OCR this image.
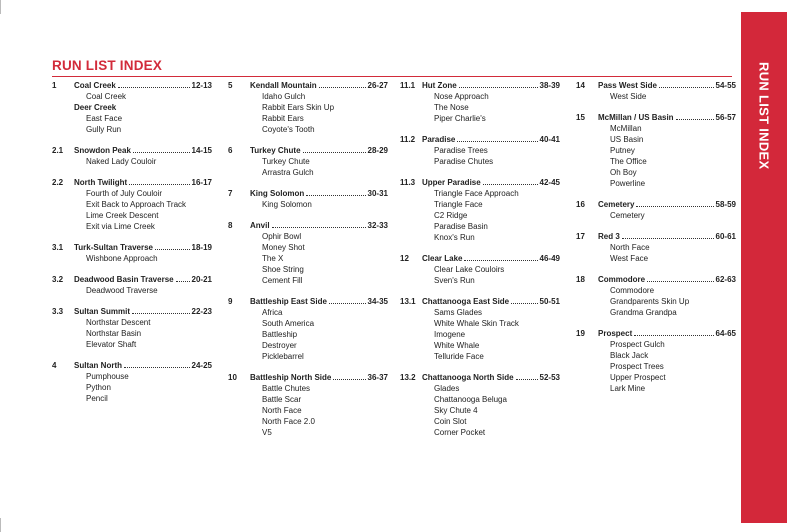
RUN LIST INDEX
1	Coal Creek	12-13
Coal Creek
Deer Creek
East Face
Gully Run
2.1	Snowdon Peak	14-15
Naked Lady Couloir
2.2	North Twilight	16-17
Fourth of July Couloir
Exit Back to Approach Track
Lime Creek Descent
Exit via Lime Creek
3.1	Turk-Sultan Traverse	18-19
Wishbone Approach
3.2	Deadwood Basin Traverse 20-21
Deadwood Traverse
3.3	Sultan Summit	22-23
Northstar Descent
Northstar Basin
Elevator Shaft
4	Sultan North	24-25
Pumphouse
Python
Pencil
5	Kendall Mountain	26-27
Idaho Gulch
Rabbit Ears Skin Up
Rabbit Ears
Coyote's Tooth
6	Turkey Chute	28-29
Turkey Chute
Arrastra Gulch
7	King Solomon	30-31
King Solomon
8	Anvil	32-33
Ophir Bowl
Money Shot
The X
Shoe String
Cement Fill
9	Battleship East Side	34-35
Africa
South America
Battleship
Destroyer
Picklebarrel
10	Battleship North Side	36-37
Battle Chutes
Battle Scar
North Face
North Face 2.0
V5
11.1 Hut Zone	38-39
Nose Approach
The Nose
Piper Charlie's
11.2 Paradise	40-41
Paradise Trees
Paradise Chutes
11.3 Upper Paradise	42-45
Triangle Face Approach
Triangle Face
C2 Ridge
Paradise Basin
Knox's Run
12	Clear Lake	46-49
Clear Lake Couloirs
Sven's Run
13.1 Chattanooga East Side	50-51
Sams Glades
White Whale Skin Track
Imogene
White Whale
Telluride Face
13.2 Chattanooga North Side	52-53
Glades
Chattanooga Beluga
Sky Chute 4
Coin Slot
Corner Pocket
14	Pass West Side	54-55
West Side
15	McMillan / US Basin	56-57
McMillan
US Basin
Putney
The Office
Oh Boy
Powerline
16	Cemetery	58-59
Cemetery
17	Red 3	60-61
North Face
West Face
18	Commodore	62-63
Commodore
Grandparents Skin Up
Grandma Grandpa
19	Prospect	64-65
Prospect Gulch
Black Jack
Prospect Trees
Upper Prospect
Lark Mine
RUN LIST INDEX
